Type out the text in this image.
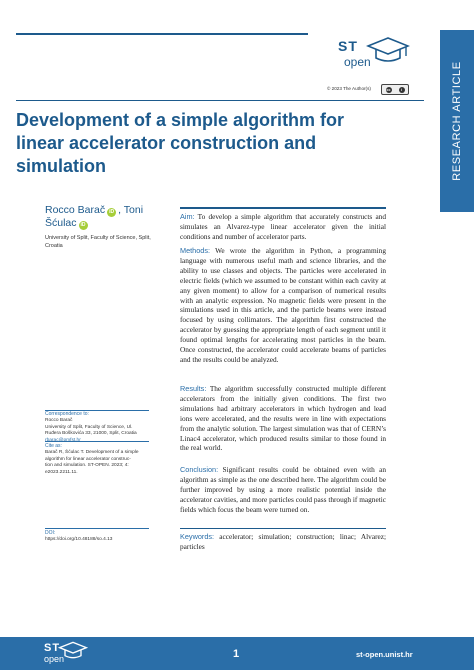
ST
open
© 2023 The Author(s)	cc	i	RESEARCH ARTICLE
Development of a simple algorithm for linear accelerator construction and simulation
Rocco Barač iD , Toni Šćulac iD
University of Split, Faculty of Science, Split, Croatia
Correspondence to:
Rocco Barač
University of Split, Faculty of Science, Ul.
Ruđera Boškovića 33, 21000, Split, Croatia
rbarac@pmfst.hr
Cite as:
Barač R, Šćulac T. Development of a simple
algorithm for linear accelerator construc-
tion and simulation. ST-OPEN. 2023; 4:
e2023.2211.11.
DOI:
https://doi.org/10.48188/so.4.13

Aim: To develop a simple algorithm that accurately constructs and simulates an Alvarez-type linear accelerator given the initial conditions and number of accelerator parts.

Methods: We wrote the algorithm in Python, a programming language with numerous useful math and science libraries, and the ability to use classes and objects. The particles were accelerated in electric fields (which we assumed to be constant within each cavity at any given moment) to allow for a comparison of numerical results with an analytic expression. No magnetic fields were present in the simulations used in this article, and the particle beams were instead focused by using collimators. The algorithm first constructed the accelerator by guessing the appropriate length of each segment until it found optimal lengths for accelerating most particles in the beam. Once constructed, the accelerator could accelerate beams of particles and the results could be analyzed.

Results: The algorithm successfully constructed multiple different accelerators from the initially given conditions. The first two simulations had arbitrary accelerators in which hydrogen and lead ions were accelerated, and the results were in line with expectations from the analytic solution. The largest simulation was that of CERN’s Linac4 accelerator, which produced results similar to those found in the real world.

Conclusion: Significant results could be obtained even with an algorithm as simple as the one described here. The algorithm could be further improved by using a more realistic potential inside the accelerator cavities, and more particles could pass through if magnetic fields which focus the beam were turned on.

Keywords: accelerator; simulation; construction; linac; Alvarez; particles

ST
open	1	st-open.unist.hr
